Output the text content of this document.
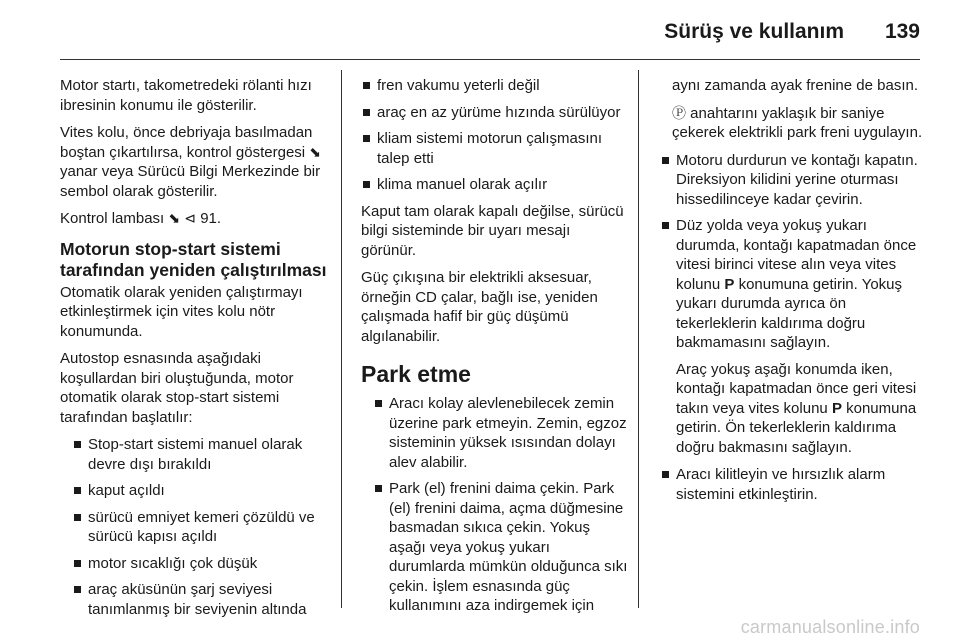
Sürüş ve kullanım 139

Motor startı, takometredeki rölanti hızı ibresinin konumu ile gösterilir.

Vites kolu, önce debriyaja basılmadan boştan çıkartılırsa, kontrol göstergesi ⬊ yanar veya Sürücü Bilgi Merkezinde bir sembol olarak gösterilir.

Kontrol lambası ⬊ ⊲ 91.

Motorun stop-start sistemi tarafından yeniden çalıştırılması

Otomatik olarak yeniden çalıştırmayı etkinleştirmek için vites kolu nötr konumunda.

Autostop esnasında aşağıdaki koşullardan biri oluştuğunda, motor otomatik olarak stop-start sistemi tarafından başlatılır:

Stop-start sistemi manuel olarak devre dışı bırakıldı
kaput açıldı
sürücü emniyet kemeri çözüldü ve sürücü kapısı açıldı
motor sıcaklığı çok düşük
araç aküsünün şarj seviyesi tanımlanmış bir seviyenin altında
fren vakumu yeterli değil
araç en az yürüme hızında sürülüyor
kliam sistemi motorun çalışmasını talep etti
klima manuel olarak açılır

Kaput tam olarak kapalı değilse, sürücü bilgi sisteminde bir uyarı mesajı görünür.

Güç çıkışına bir elektrikli aksesuar, örneğin CD çalar, bağlı ise, yeniden çalışmada hafif bir güç düşümü algılanabilir.

Park etme
Aracı kolay alevlenebilecek zemin üzerine park etmeyin. Zemin, egzoz sisteminin yüksek ısısından dolayı alev alabilir.
Park (el) frenini daima çekin. Park (el) frenini daima, açma düğmesine basmadan sıkıca çekin. Yokuş aşağı veya yokuş yukarı durumlarda mümkün olduğunca sıkı çekin. İşlem esnasında güç kullanımını aza indirgemek için

aynı zamanda ayak frenine de basın.

Ⓟ anahtarını yaklaşık bir saniye çekerek elektrikli park freni uygulayın.

Motoru durdurun ve kontağı kapatın. Direksiyon kilidini yerine oturması hissedilinceye kadar çevirin.
Düz yolda veya yokuş yukarı durumda, kontağı kapatmadan önce vitesi birinci vitese alın veya vites kolunu P konumuna getirin. Yokuş yukarı durumda ayrıca ön tekerleklerin kaldırıma doğru bakmamasını sağlayın.

Araç yokuş aşağı konumda iken, kontağı kapatmadan önce geri vitesi takın veya vites kolunu P konumuna getirin. Ön tekerleklerin kaldırıma doğru bakmasını sağlayın.

Aracı kilitleyin ve hırsızlık alarm sistemini etkinleştirin.
carmanualsonline.info
